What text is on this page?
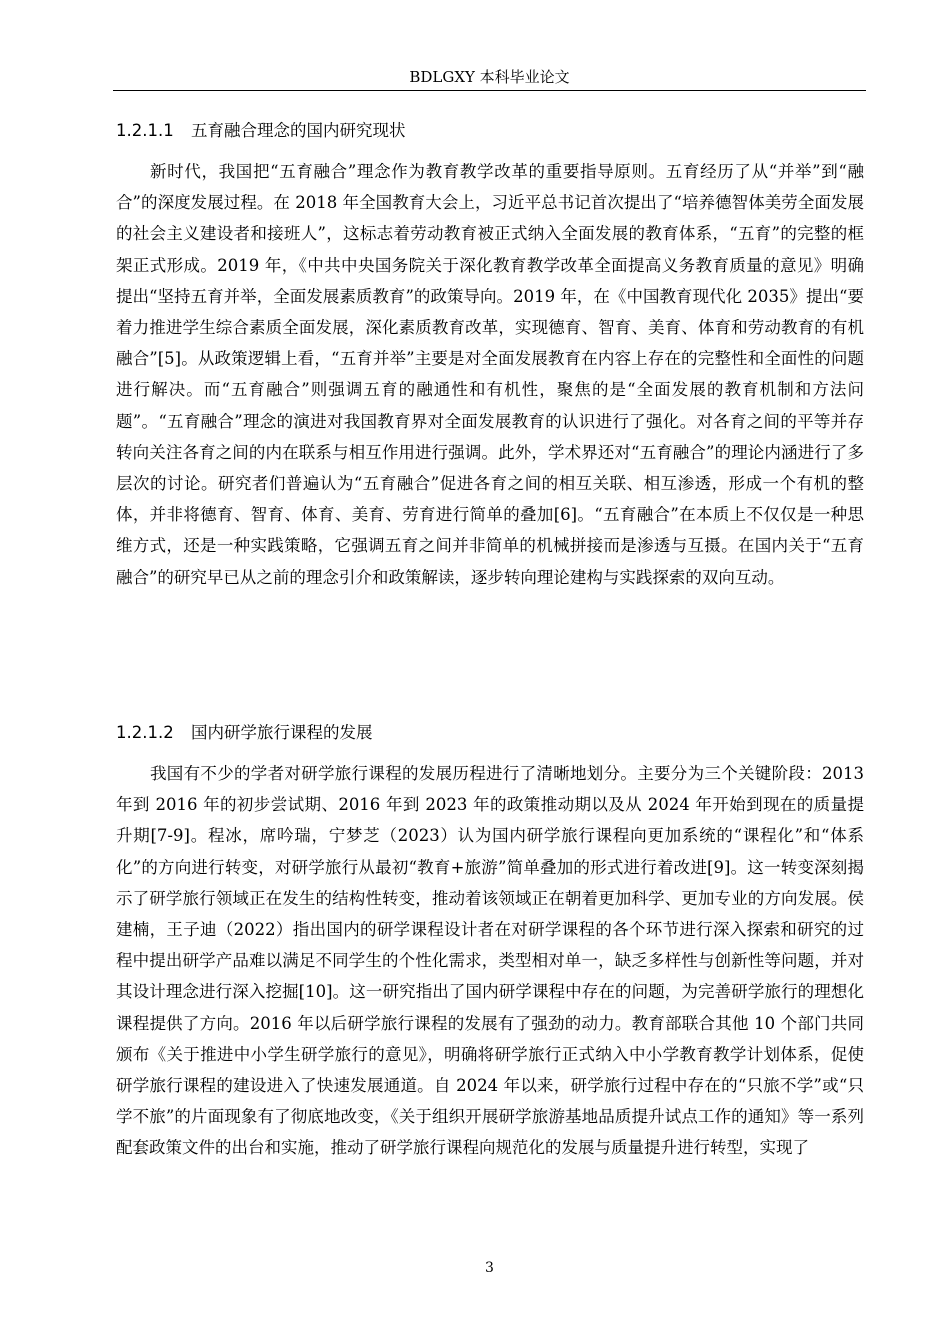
BDLGXY 本科毕业论文
1.2.1.1 五育融合理念的国内研究现状
新时代，我国把“五育融合”理念作为教育教学改革的重要指导原则。五育经历了从“并举”到“融合”的深度发展过程。在 2018 年全国教育大会上，习近平总书记首次提出了“培养德智体美劳全面发展的社会主义建设者和接班人”，这标志着劳动教育被正式纳入全面发展的教育体系，“五育”的完整的框架正式形成。2019 年，《中共中央国务院关于深化教育教学改革全面提高义务教育质量的意见》明确提出“坚持五育并举，全面发展素质教育”的政策导向。2019 年，在《中国教育现代化 2035》提出“要着力推进学生综合素质全面发展，深化素质教育改革，实现德育、智育、美育、体育和劳动教育的有机融合”[5]。从政策逻辑上看，“五育并举”主要是对全面发展教育在内容上存在的完整性和全面性的问题进行解决。而“五育融合”则强调五育的融通性和有机性，聚焦的是“全面发展的教育机制和方法问题”。“五育融合”理念的演进对我国教育界对全面发展教育的认识进行了强化。对各育之间的平等并存转向关注各育之间的内在联系与相互作用进行强调。此外，学术界还对“五育融合”的理论内涵进行了多层次的讨论。研究者们普遍认为“五育融合”促进各育之间的相互关联、相互渗透，形成一个有机的整体，并非将德育、智育、体育、美育、劳育进行简单的叠加[6]。“五育融合”在本质上不仅仅是一种思维方式，还是一种实践策略，它强调五育之间并非简单的机械拼接而是渗透与互摄。在国内关于“五育融合”的研究早已从之前的理念引介和政策解读，逐步转向理论建构与实践探索的双向互动。
1.2.1.2 国内研学旅行课程的发展
我国有不少的学者对研学旅行课程的发展历程进行了清晰地划分。主要分为三个关键阶段：2013 年到 2016 年的初步尝试期、2016 年到 2023 年的政策推动期以及从 2024 年开始到现在的质量提升期[7-9]。程冰，席吟瑞，宁梦芝（2023）认为国内研学旅行课程向更加系统的“课程化”和“体系化”的方向进行转变，对研学旅行从最初“教育+旅游”简单叠加的形式进行着改进[9]。这一转变深刻揭示了研学旅行领域正在发生的结构性转变，推动着该领域正在朝着更加科学、更加专业的方向发展。侯建楠，王子迪（2022）指出国内的研学课程设计者在对研学课程的各个环节进行深入探索和研究的过程中提出研学产品难以满足不同学生的个性化需求，类型相对单一，缺乏多样性与创新性等问题，并对其设计理念进行深入挖掘[10]。这一研究指出了国内研学课程中存在的问题，为完善研学旅行的理想化课程提供了方向。2016 年以后研学旅行课程的发展有了强劲的动力。教育部联合其他 10 个部门共同颁布《关于推进中小学生研学旅行的意见》，明确将研学旅行正式纳入中小学教育教学计划体系，促使研学旅行课程的建设进入了快速发展通道。自 2024 年以来，研学旅行过程中存在的“只旅不学”或“只学不旅”的片面现象有了彻底地改变，《关于组织开展研学旅游基地品质提升试点工作的通知》等一系列配套政策文件的出台和实施，推动了研学旅行课程向规范化的发展与质量提升进行转型，实现了
3
